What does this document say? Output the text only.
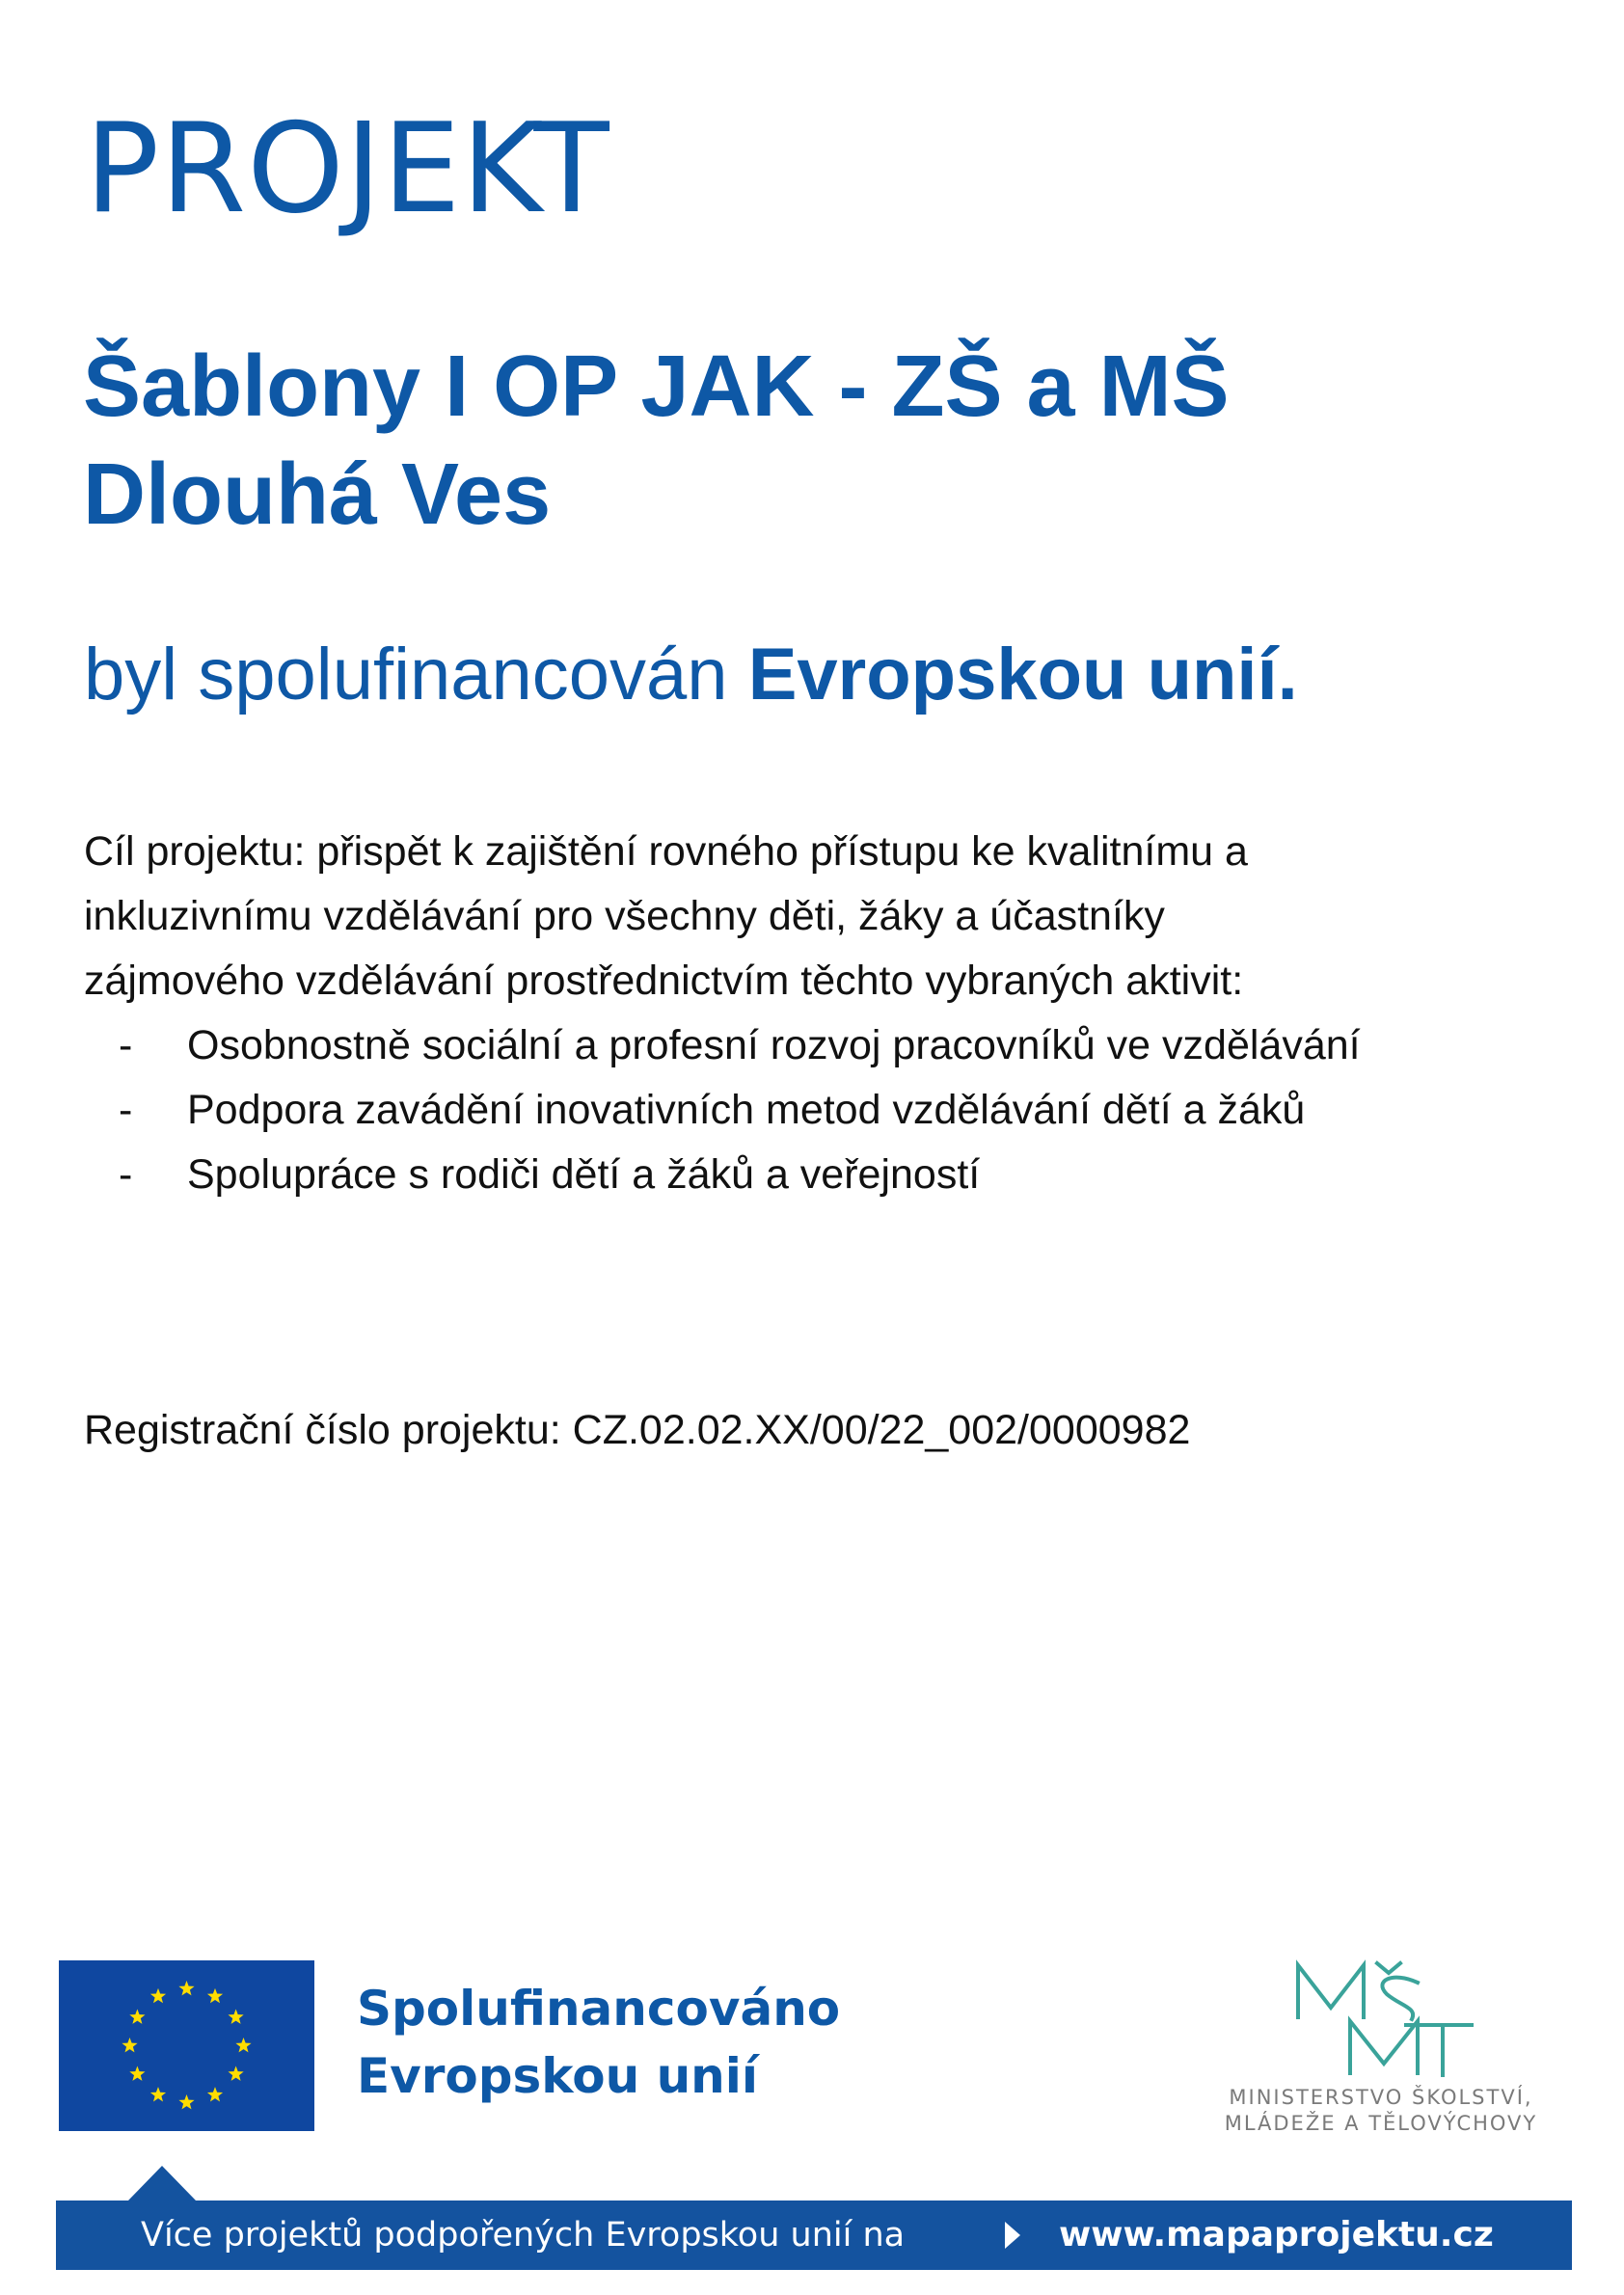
PROJEKT
Šablony I OP JAK - ZŠ a MŠ
Dlouhá Ves

byl spolufinancován Evropskou unií.

Cíl projektu: přispět k zajištění rovného přístupu ke kvalitnímu a
inkluzivnímu vzdělávání pro všechny děti, žáky a účastníky
zájmového vzdělávání prostřednictvím těchto vybraných aktivit:
- Osobnostně sociální a profesní rozvoj pracovníků ve vzdělávání
- Podpora zavádění inovativních metod vzdělávání dětí a žáků
- Spolupráce s rodiči dětí a žáků a veřejností

Registrační číslo projektu: CZ.02.02.XX/00/22_002/0000982

Spolufinancováno
Evropskou unií	MINISTERSTVO ŠKOLSTVÍ,
MLÁDEŽE A TĚLOVÝCHOVY
Více projektů podpořených Evropskou unií na	www.mapaprojektu.cz
